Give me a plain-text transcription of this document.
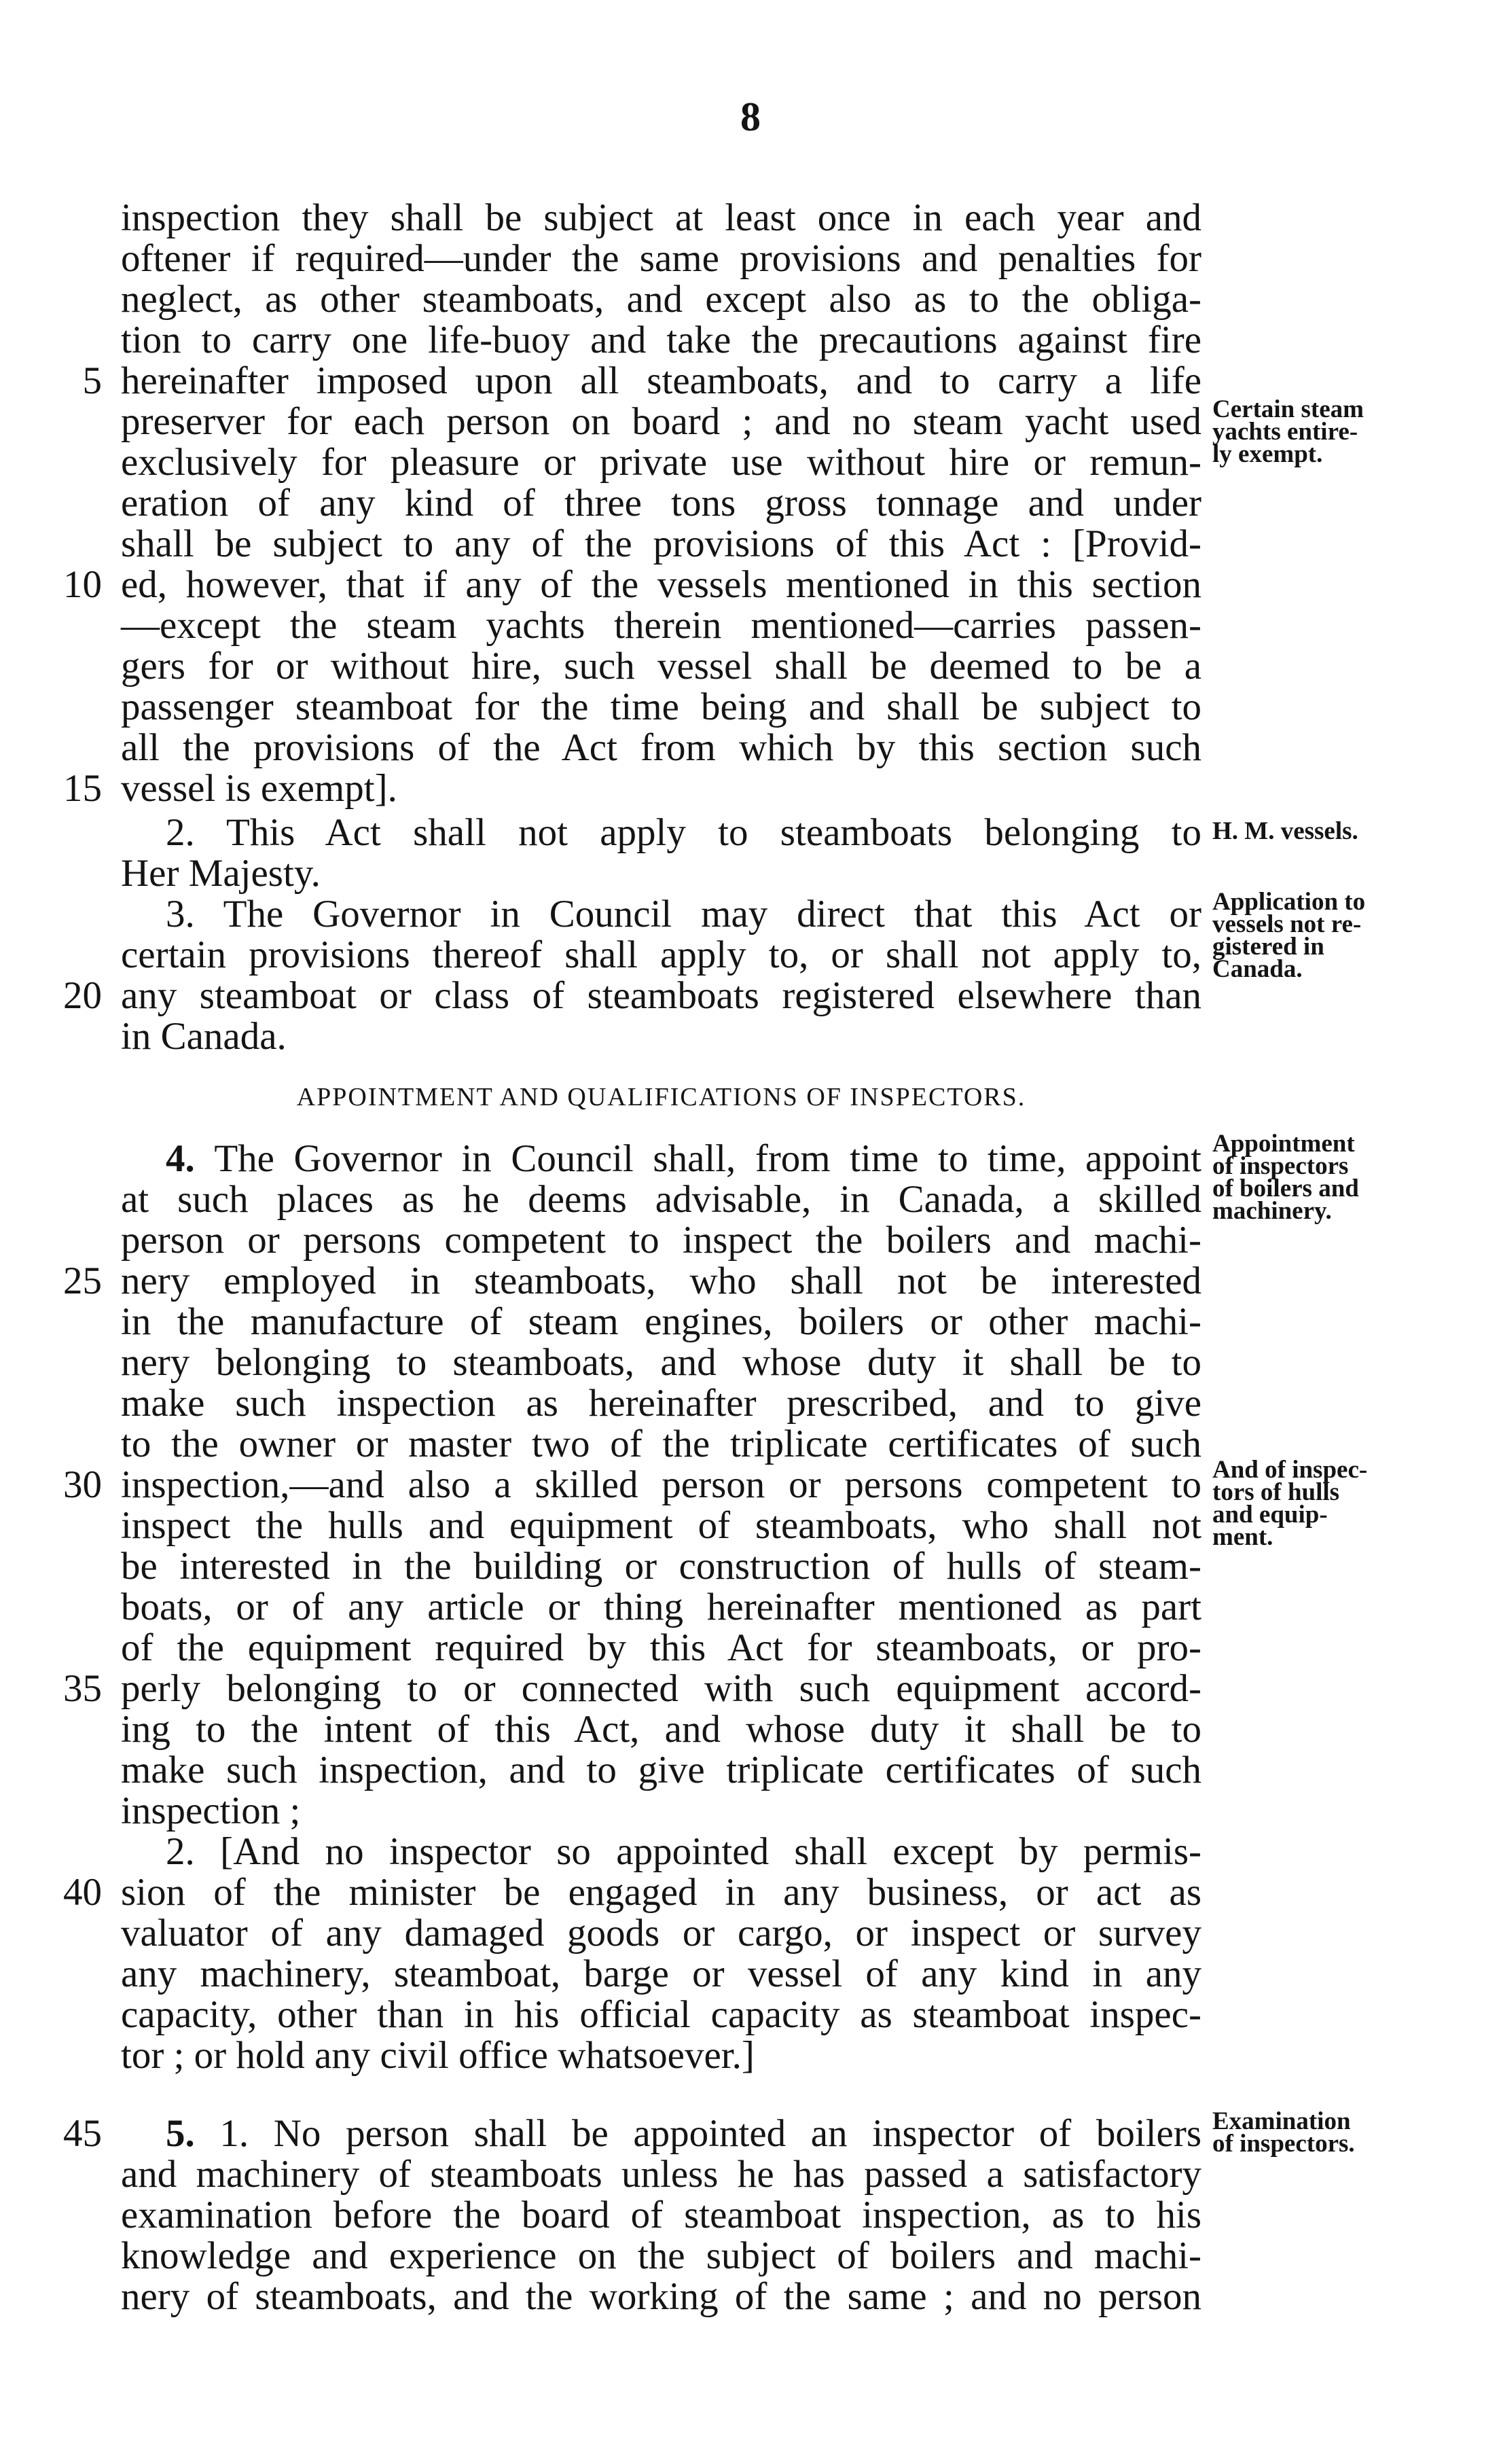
8
inspection they shall be subject at least once in each year and
oftener if required—under the same provisions and penalties for
neglect, as other steamboats, and except also as to the obliga-
tion to carry one life-buoy and take the precautions against fire
hereinafter imposed upon all steamboats, and to carry a life
preserver for each person on board ; and no steam yacht used
exclusively for pleasure or private use without hire or remun-
eration of any kind of three tons gross tonnage and under
shall be subject to any of the provisions of this Act : [Provid-
ed, however, that if any of the vessels mentioned in this section
—except the steam yachts therein mentioned—carries passen-
gers for or without hire, such vessel shall be deemed to be a
passenger steamboat for the time being and shall be subject to
all the provisions of the Act from which by this section such
vessel is exempt].
2. This Act shall not apply to steamboats belonging to
Her Majesty.
3. The Governor in Council may direct that this Act or
certain provisions thereof shall apply to, or shall not apply to,
any steamboat or class of steamboats registered elsewhere than
in Canada.
4. The Governor in Council shall, from time to time, appoint
at such places as he deems advisable, in Canada, a skilled
person or persons competent to inspect the boilers and machi-
nery employed in steamboats, who shall not be interested
in the manufacture of steam engines, boilers or other machi-
nery belonging to steamboats, and whose duty it shall be to
make such inspection as hereinafter prescribed, and to give
to the owner or master two of the triplicate certificates of such
inspection,—and also a skilled person or persons competent to
inspect the hulls and equipment of steamboats, who shall not
be interested in the building or construction of hulls of steam-
boats, or of any article or thing hereinafter mentioned as part
of the equipment required by this Act for steamboats, or pro-
perly belonging to or connected with such equipment accord-
ing to the intent of this Act, and whose duty it shall be to
make such inspection, and to give triplicate certificates of such
inspection ;
2. [And no inspector so appointed shall except by permis-
sion of the minister be engaged in any business, or act as
valuator of any damaged goods or cargo, or inspect or survey
any machinery, steamboat, barge or vessel of any kind in any
capacity, other than in his official capacity as steamboat inspec-
tor ; or hold any civil office whatsoever.]
5. 1. No person shall be appointed an inspector of boilers
and machinery of steamboats unless he has passed a satisfactory
examination before the board of steamboat inspection, as to his
knowledge and experience on the subject of boilers and machi-
nery of steamboats, and the working of the same ; and no person
5
10
15
20
25
30
35
40
45
APPOINTMENT AND QUALIFICATIONS OF INSPECTORS.
Certain steam
yachts entire-
ly exempt.
H. M. vessels.
Application to
vessels not re-
gistered in
Canada.
Appointment
of inspectors
of boilers and
machinery.
And of inspec-
tors of hulls
and equip-
ment.
Examination
of inspectors.
